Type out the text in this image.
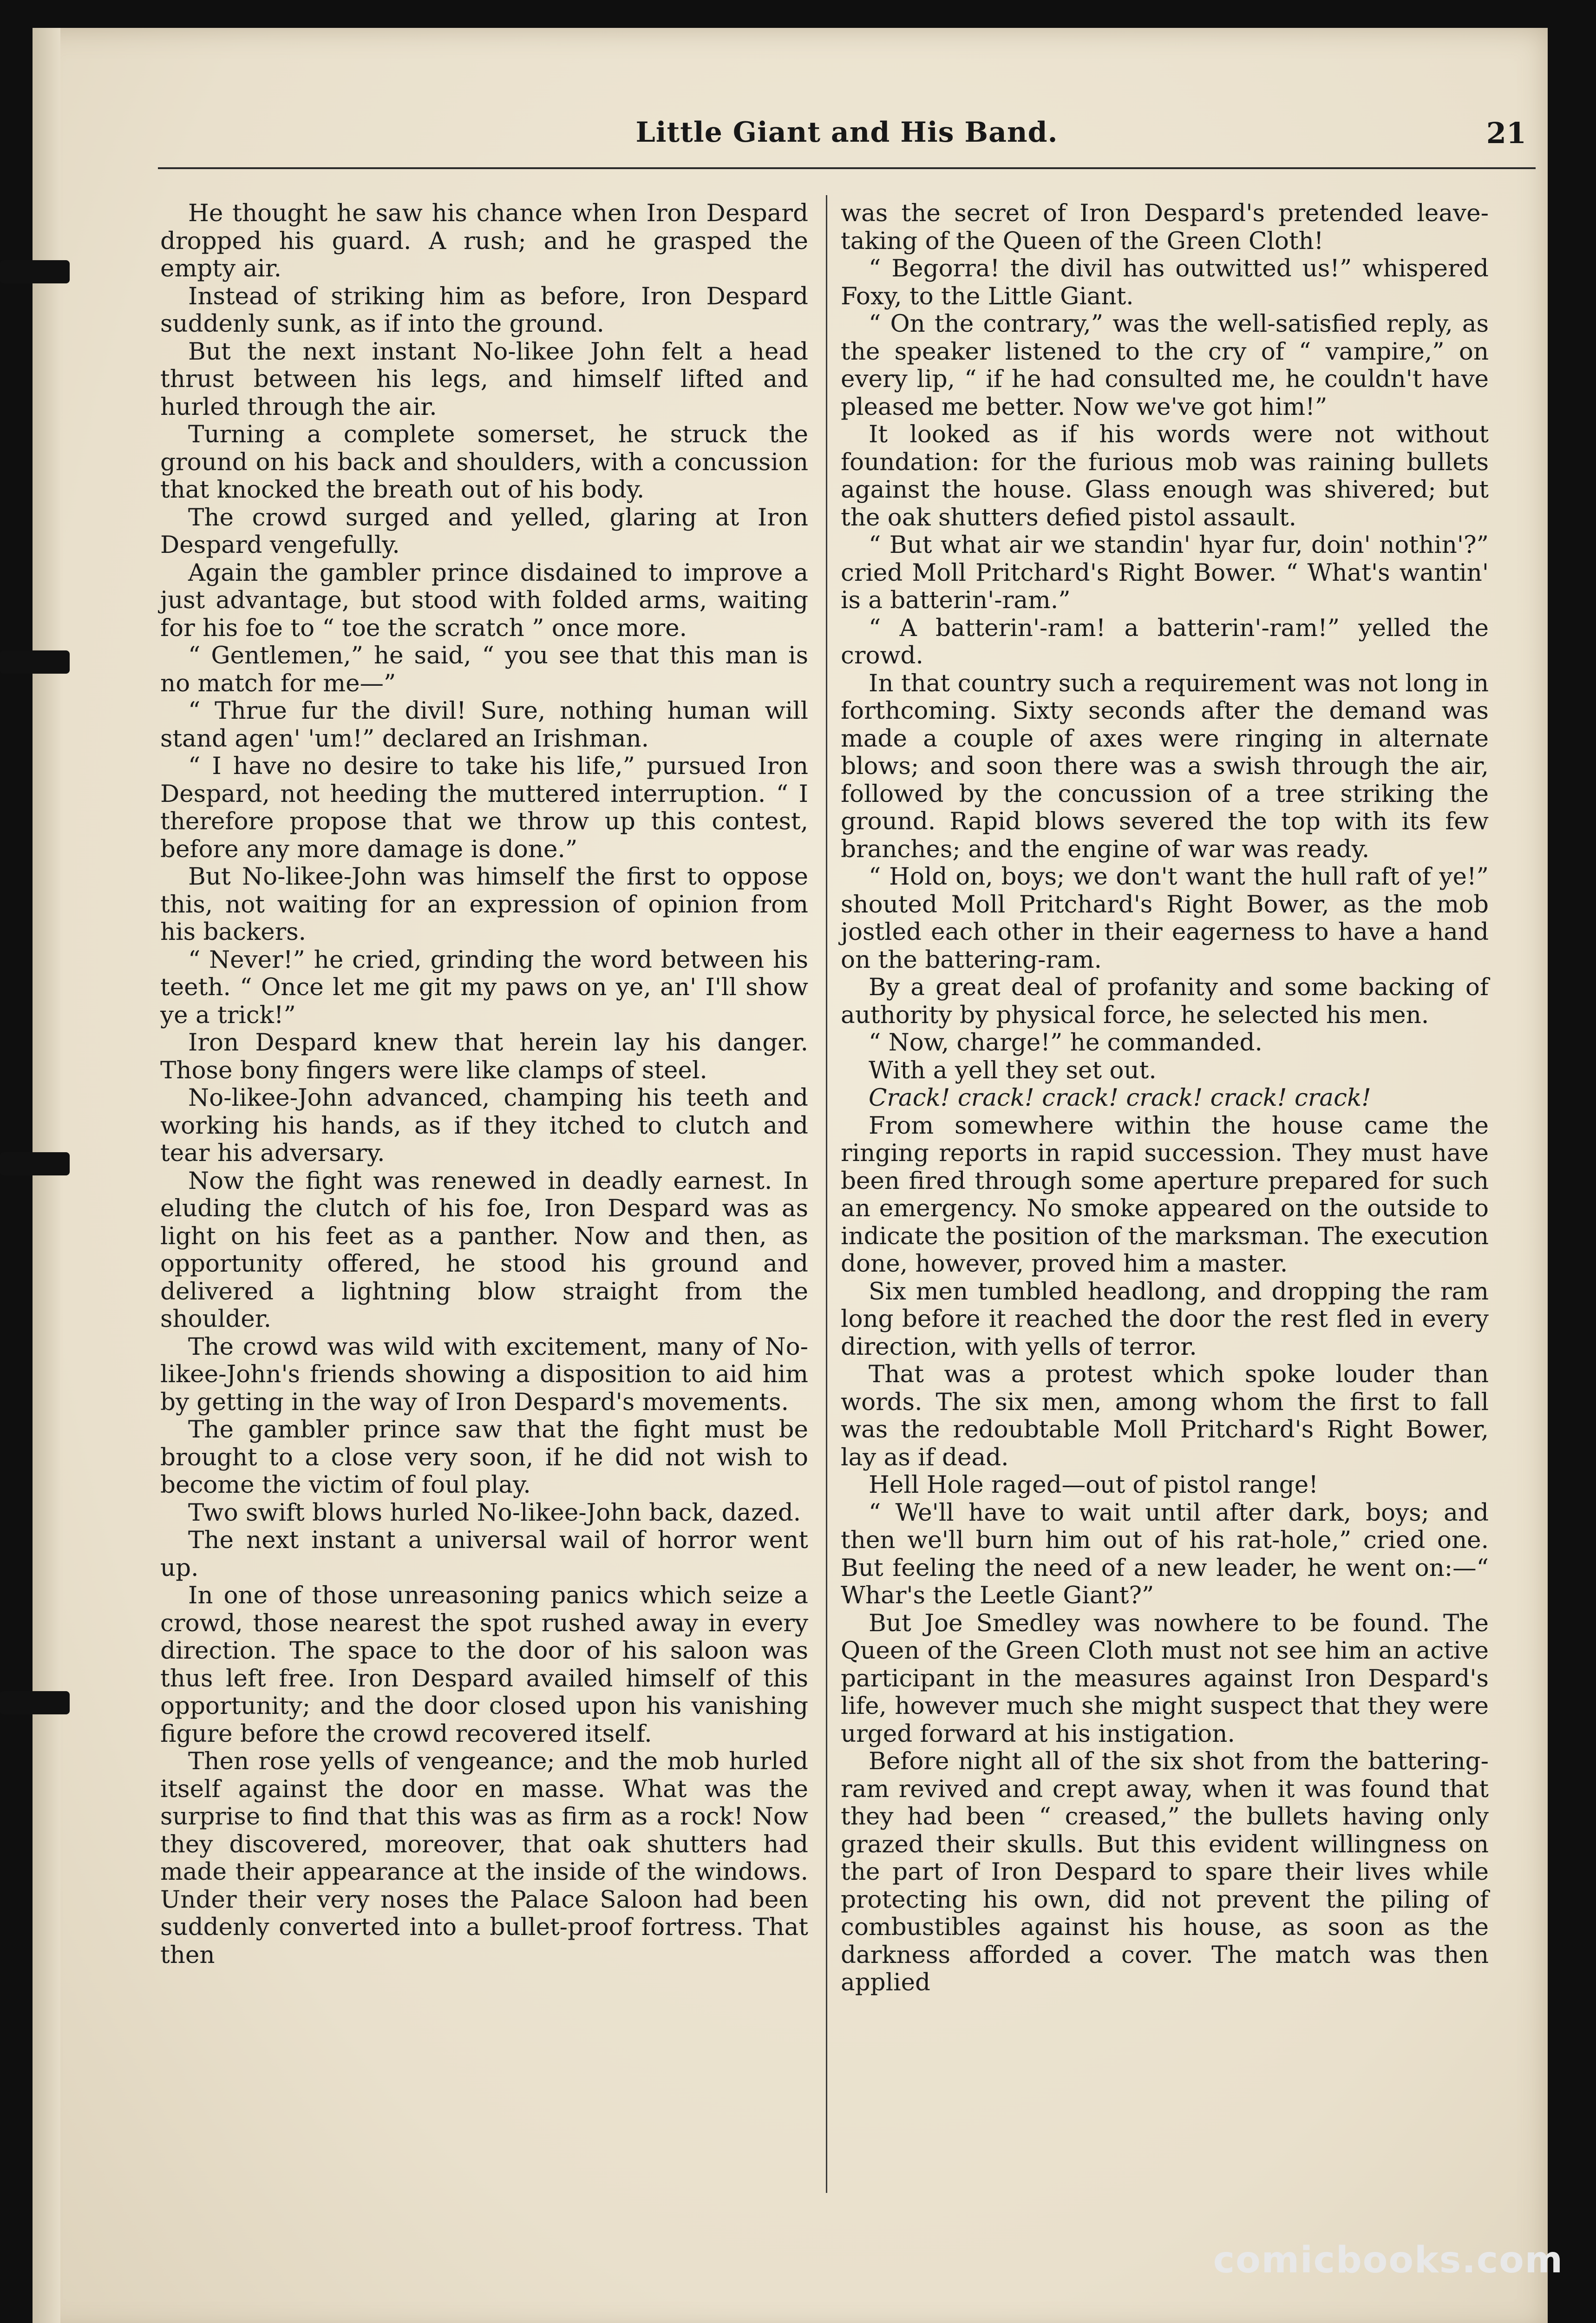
Little Giant and His Band.	21

He thought he saw his chance when Iron Despard dropped his guard. A rush; and he grasped the empty air.

Instead of striking him as before, Iron Despard suddenly sunk, as if into the ground.

But the next instant No-likee John felt a head thrust between his legs, and himself lifted and hurled through the air.

Turning a complete somerset, he struck the ground on his back and shoulders, with a concussion that knocked the breath out of his body.

The crowd surged and yelled, glaring at Iron Despard vengefully.

Again the gambler prince disdained to improve a just advantage, but stood with folded arms, waiting for his foe to “ toe the scratch ” once more.

“ Gentlemen,” he said, “ you see that this man is no match for me—”

“ Thrue fur the divil! Sure, nothing human will stand agen' 'um!” declared an Irishman.

“ I have no desire to take his life,” pursued Iron Despard, not heeding the muttered interruption. “ I therefore propose that we throw up this contest, before any more damage is done.”

But No-likee-John was himself the first to oppose this, not waiting for an expression of opinion from his backers.

“ Never!” he cried, grinding the word between his teeth. “ Once let me git my paws on ye, an' I'll show ye a trick!”

Iron Despard knew that herein lay his danger. Those bony fingers were like clamps of steel.

No-likee-John advanced, champing his teeth and working his hands, as if they itched to clutch and tear his adversary.

Now the fight was renewed in deadly earnest. In eluding the clutch of his foe, Iron Despard was as light on his feet as a panther. Now and then, as opportunity offered, he stood his ground and delivered a lightning blow straight from the shoulder.

The crowd was wild with excitement, many of No-likee-John's friends showing a disposition to aid him by getting in the way of Iron Despard's movements.

The gambler prince saw that the fight must be brought to a close very soon, if he did not wish to become the victim of foul play.

Two swift blows hurled No-likee-John back, dazed.

The next instant a universal wail of horror went up.

In one of those unreasoning panics which seize a crowd, those nearest the spot rushed away in every direction. The space to the door of his saloon was thus left free. Iron Despard availed himself of this opportunity; and the door closed upon his vanishing figure before the crowd recovered itself.

Then rose yells of vengeance; and the mob hurled itself against the door en masse. What was the surprise to find that this was as firm as a rock! Now they discovered, moreover, that oak shutters had made their appearance at the inside of the windows. Under their very noses the Palace Saloon had been suddenly converted into a bullet-proof fortress. That then

was the secret of Iron Despard's pretended leave-taking of the Queen of the Green Cloth!

“ Begorra! the divil has outwitted us!” whispered Foxy, to the Little Giant.

“ On the contrary,” was the well-satisfied reply, as the speaker listened to the cry of “ vampire,” on every lip, “ if he had consulted me, he couldn't have pleased me better. Now we've got him!”

It looked as if his words were not without foundation: for the furious mob was raining bullets against the house. Glass enough was shivered; but the oak shutters defied pistol assault.

“ But what air we standin' hyar fur, doin' nothin'?” cried Moll Pritchard's Right Bower. “ What's wantin' is a batterin'-ram.”

“ A batterin'-ram! a batterin'-ram!” yelled the crowd.

In that country such a requirement was not long in forthcoming. Sixty seconds after the demand was made a couple of axes were ringing in alternate blows; and soon there was a swish through the air, followed by the concussion of a tree striking the ground. Rapid blows severed the top with its few branches; and the engine of war was ready.

“ Hold on, boys; we don't want the hull raft of ye!” shouted Moll Pritchard's Right Bower, as the mob jostled each other in their eagerness to have a hand on the battering-ram.

By a great deal of profanity and some backing of authority by physical force, he selected his men.

“ Now, charge!” he commanded.

With a yell they set out.

Crack! crack! crack! crack! crack! crack!

From somewhere within the house came the ringing reports in rapid succession. They must have been fired through some aperture prepared for such an emergency. No smoke appeared on the outside to indicate the position of the marksman. The execution done, however, proved him a master.

Six men tumbled headlong, and dropping the ram long before it reached the door the rest fled in every direction, with yells of terror.

That was a protest which spoke louder than words. The six men, among whom the first to fall was the redoubtable Moll Pritchard's Right Bower, lay as if dead.

Hell Hole raged—out of pistol range!

“ We'll have to wait until after dark, boys; and then we'll burn him out of his rat-hole,” cried one. But feeling the need of a new leader, he went on:—“ Whar's the Leetle Giant?”

But Joe Smedley was nowhere to be found. The Queen of the Green Cloth must not see him an active participant in the measures against Iron Despard's life, however much she might suspect that they were urged forward at his instigation.

Before night all of the six shot from the battering-ram revived and crept away, when it was found that they had been “ creased,” the bullets having only grazed their skulls. But this evident willingness on the part of Iron Despard to spare their lives while protecting his own, did not prevent the piling of combustibles against his house, as soon as the darkness afforded a cover. The match was then applied

comicbooks.com
